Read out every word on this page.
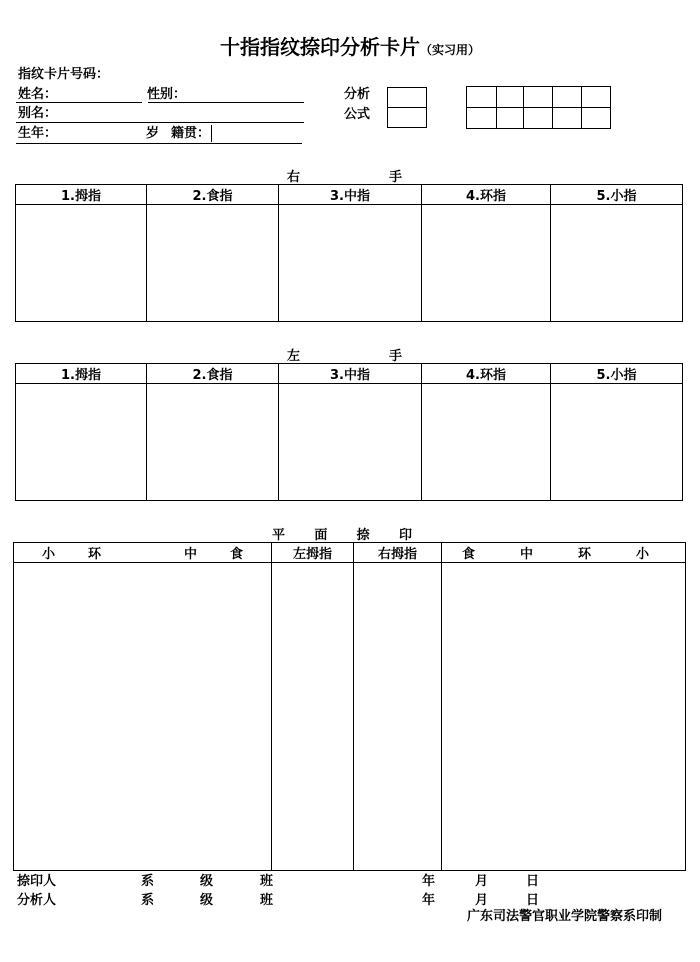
十指指纹捺印分析卡片（实习用）
指纹卡片号码：
姓名：	性别：
别名：
生年：	岁 籍贯：
分析
公式

右	手
1.拇指	2.食指	3.中指	4.环指	5.小指

左	手
1.拇指	2.食指	3.中指	4.环指	5.小指

平 面 捺 印
小 环 中 食	左拇指	右拇指	食 中 环 小

捺印人	系	级	班	年	月	日
分析人	系	级	班	年	月	日
广东司法警官职业学院警察系印制
